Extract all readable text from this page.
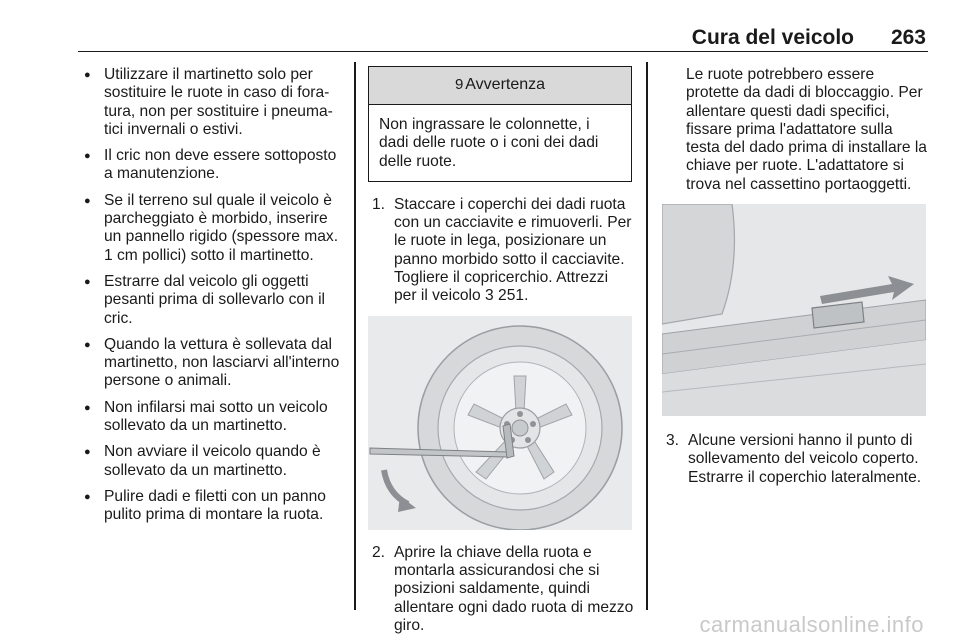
Cura del veicolo 263
● Utilizzare il martinetto solo per sostituire le ruote in caso di foratura, non per sostituire i pneumatici invernali o estivi.
● Il cric non deve essere sottoposto a manutenzione.
● Se il terreno sul quale il veicolo è parcheggiato è morbido, inserire un pannello rigido (spessore max. 1 cm pollici) sotto il martinetto.
● Estrarre dal veicolo gli oggetti pesanti prima di sollevarlo con il cric.
● Quando la vettura è sollevata dal martinetto, non lasciarvi all'interno persone o animali.
● Non infilarsi mai sotto un veicolo sollevato da un martinetto.
● Non avviare il veicolo quando è sollevato da un martinetto.
● Pulire dadi e filetti con un panno pulito prima di montare la ruota.
9 Avvertenza
Non ingrassare le colonnette, i dadi delle ruote o i coni dei dadi delle ruote.
1. Staccare i coperchi dei dadi ruota con un cacciavite e rimuoverli. Per le ruote in lega, posizionare un panno morbido sotto il cacciavite. Togliere il copricerchio. Attrezzi per il veicolo 3 251.
2. Aprire la chiave della ruota e montarla assicurandosi che si posizioni saldamente, quindi allentare ogni dado ruota di mezzo giro.
Le ruote potrebbero essere protette da dadi di bloccaggio. Per allentare questi dadi specifici, fissare prima l'adattatore sulla testa del dado prima di installare la chiave per ruote. L'adattatore si trova nel cassettino portaoggetti.
3. Alcune versioni hanno il punto di sollevamento del veicolo coperto. Estrarre il coperchio lateralmente.
carmanualsonline.info
